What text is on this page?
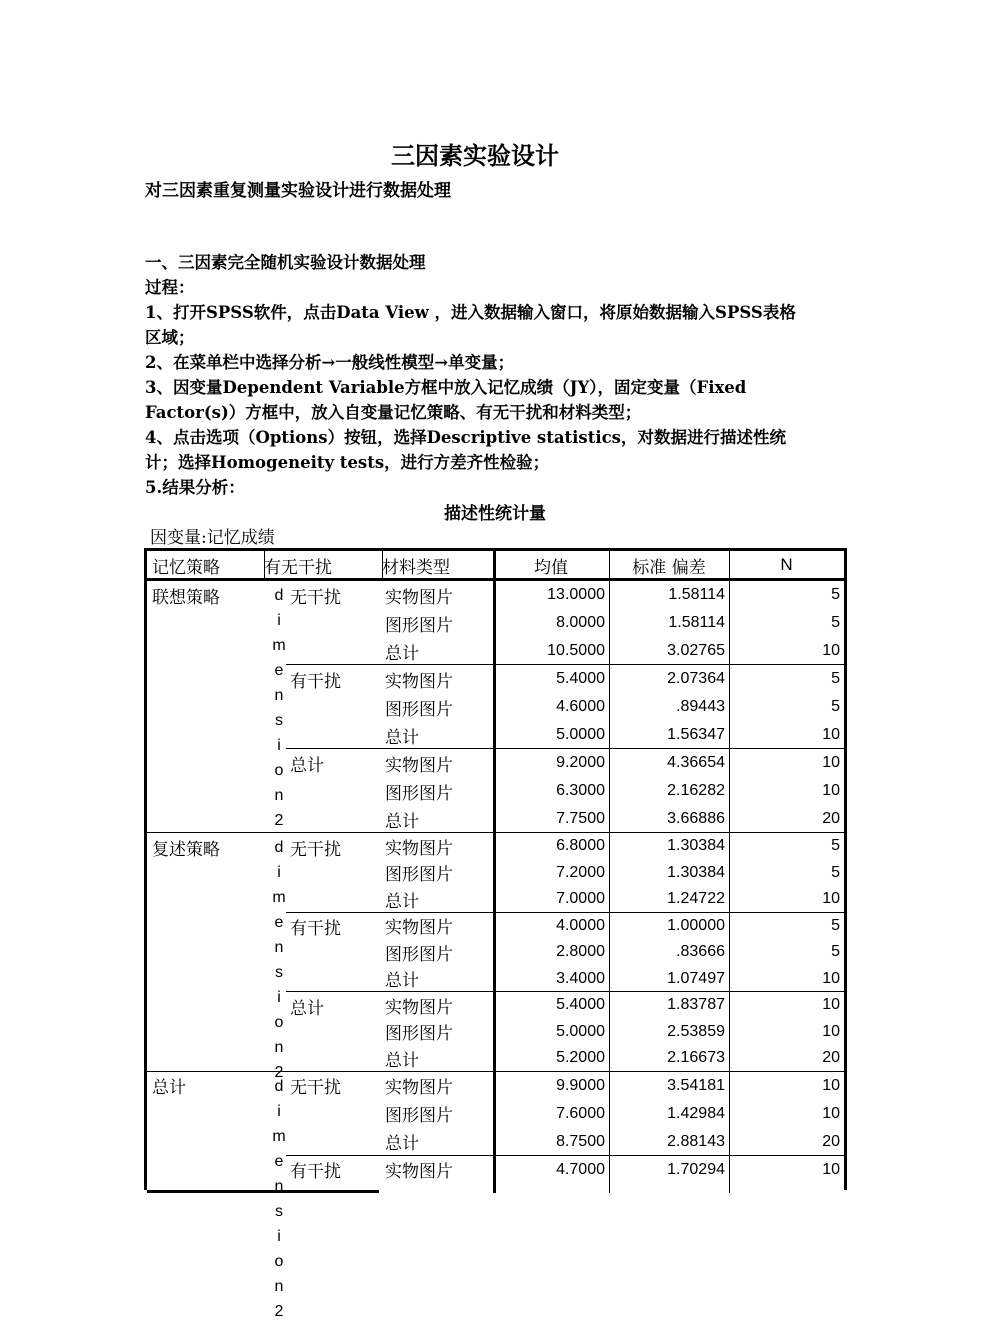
三因素实验设计
对三因素重复测量实验设计进行数据处理

一、三因素完全随机实验设计数据处理

过程：

1、打开SPSS软件，点击Data View ，进入数据输入窗口，将原始数据输入SPSS表格区域；

2、在菜单栏中选择分析→一般线性模型→单变量；

3、因变量Dependent Variable方框中放入记忆成绩（JY），固定变量（Fixed Factor(s)）方框中，放入自变量记忆策略、有无干扰和材料类型；

4、点击选项（Options）按钮，选择Descriptive statistics，对数据进行描述性统计；选择Homogeneity tests，进行方差齐性检验；

5.结果分析：

描述性统计量
因变量:记忆成绩
记忆策略	有无干扰	材料类型	均值	标准 偏差	N
联想策略	无干扰	实物图片	13.0000	1.58114	5
图形图片	8.0000	1.58114	5
总计	10.5000	3.02765	10
有干扰	实物图片	5.4000	2.07364	5
图形图片	4.6000	.89443	5
总计	5.0000	1.56347	10
总计	实物图片	9.2000	4.36654	10
图形图片	6.3000	2.16282	10
总计	7.7500	3.66886	20
d
i
m
e
n
s
i
o
n
2
复述策略	无干扰	实物图片	6.8000	1.30384	5
图形图片	7.2000	1.30384	5
总计	7.0000	1.24722	10
有干扰	实物图片	4.0000	1.00000	5
图形图片	2.8000	.83666	5
总计	3.4000	1.07497	10
总计	实物图片	5.4000	1.83787	10
图形图片	5.0000	2.53859	10
总计	5.2000	2.16673	20
d
i
m
e
n
s
i
o
n
2
总计	无干扰	实物图片	9.9000	3.54181	10
图形图片	7.6000	1.42984	10
总计	8.7500	2.88143	20
有干扰	实物图片	4.7000	1.70294	10
d
i
m
e
n
s
i
o
n
2
